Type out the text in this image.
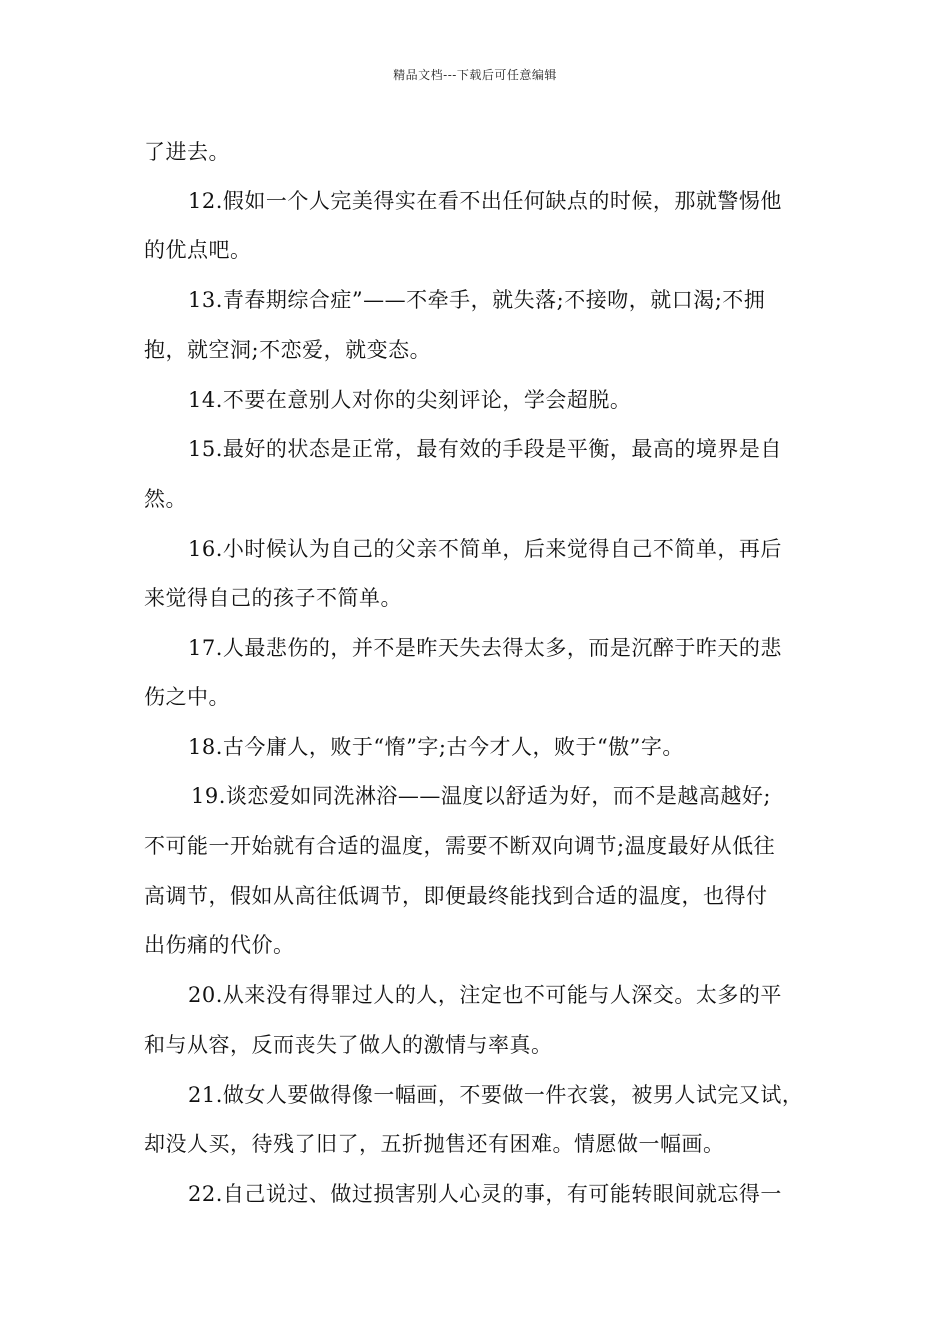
精品文档---下载后可任意编辑
了进去。
12.假如一个人完美得实在看不出任何缺点的时候，那就警惕他
的优点吧。
13.青春期综合症”——不牵手，就失落;不接吻，就口渴;不拥
抱，就空洞;不恋爱，就变态。
14.不要在意别人对你的尖刻评论，学会超脱。
15.最好的状态是正常，最有效的手段是平衡，最高的境界是自
然。
16.小时候认为自己的父亲不简单，后来觉得自己不简单，再后
来觉得自己的孩子不简单。
17.人最悲伤的，并不是昨天失去得太多，而是沉醉于昨天的悲
伤之中。
18.古今庸人，败于“惰”字;古今才人，败于“傲”字。
19.谈恋爱如同洗淋浴——温度以舒适为好，而不是越高越好;
不可能一开始就有合适的温度，需要不断双向调节;温度最好从低往
高调节，假如从高往低调节，即便最终能找到合适的温度，也得付
出伤痛的代价。
20.从来没有得罪过人的人，注定也不可能与人深交。太多的平
和与从容，反而丧失了做人的激情与率真。
21.做女人要做得像一幅画，不要做一件衣裳，被男人试完又试，
却没人买，待残了旧了，五折抛售还有困难。情愿做一幅画。
22.自己说过、做过损害别人心灵的事，有可能转眼间就忘得一
